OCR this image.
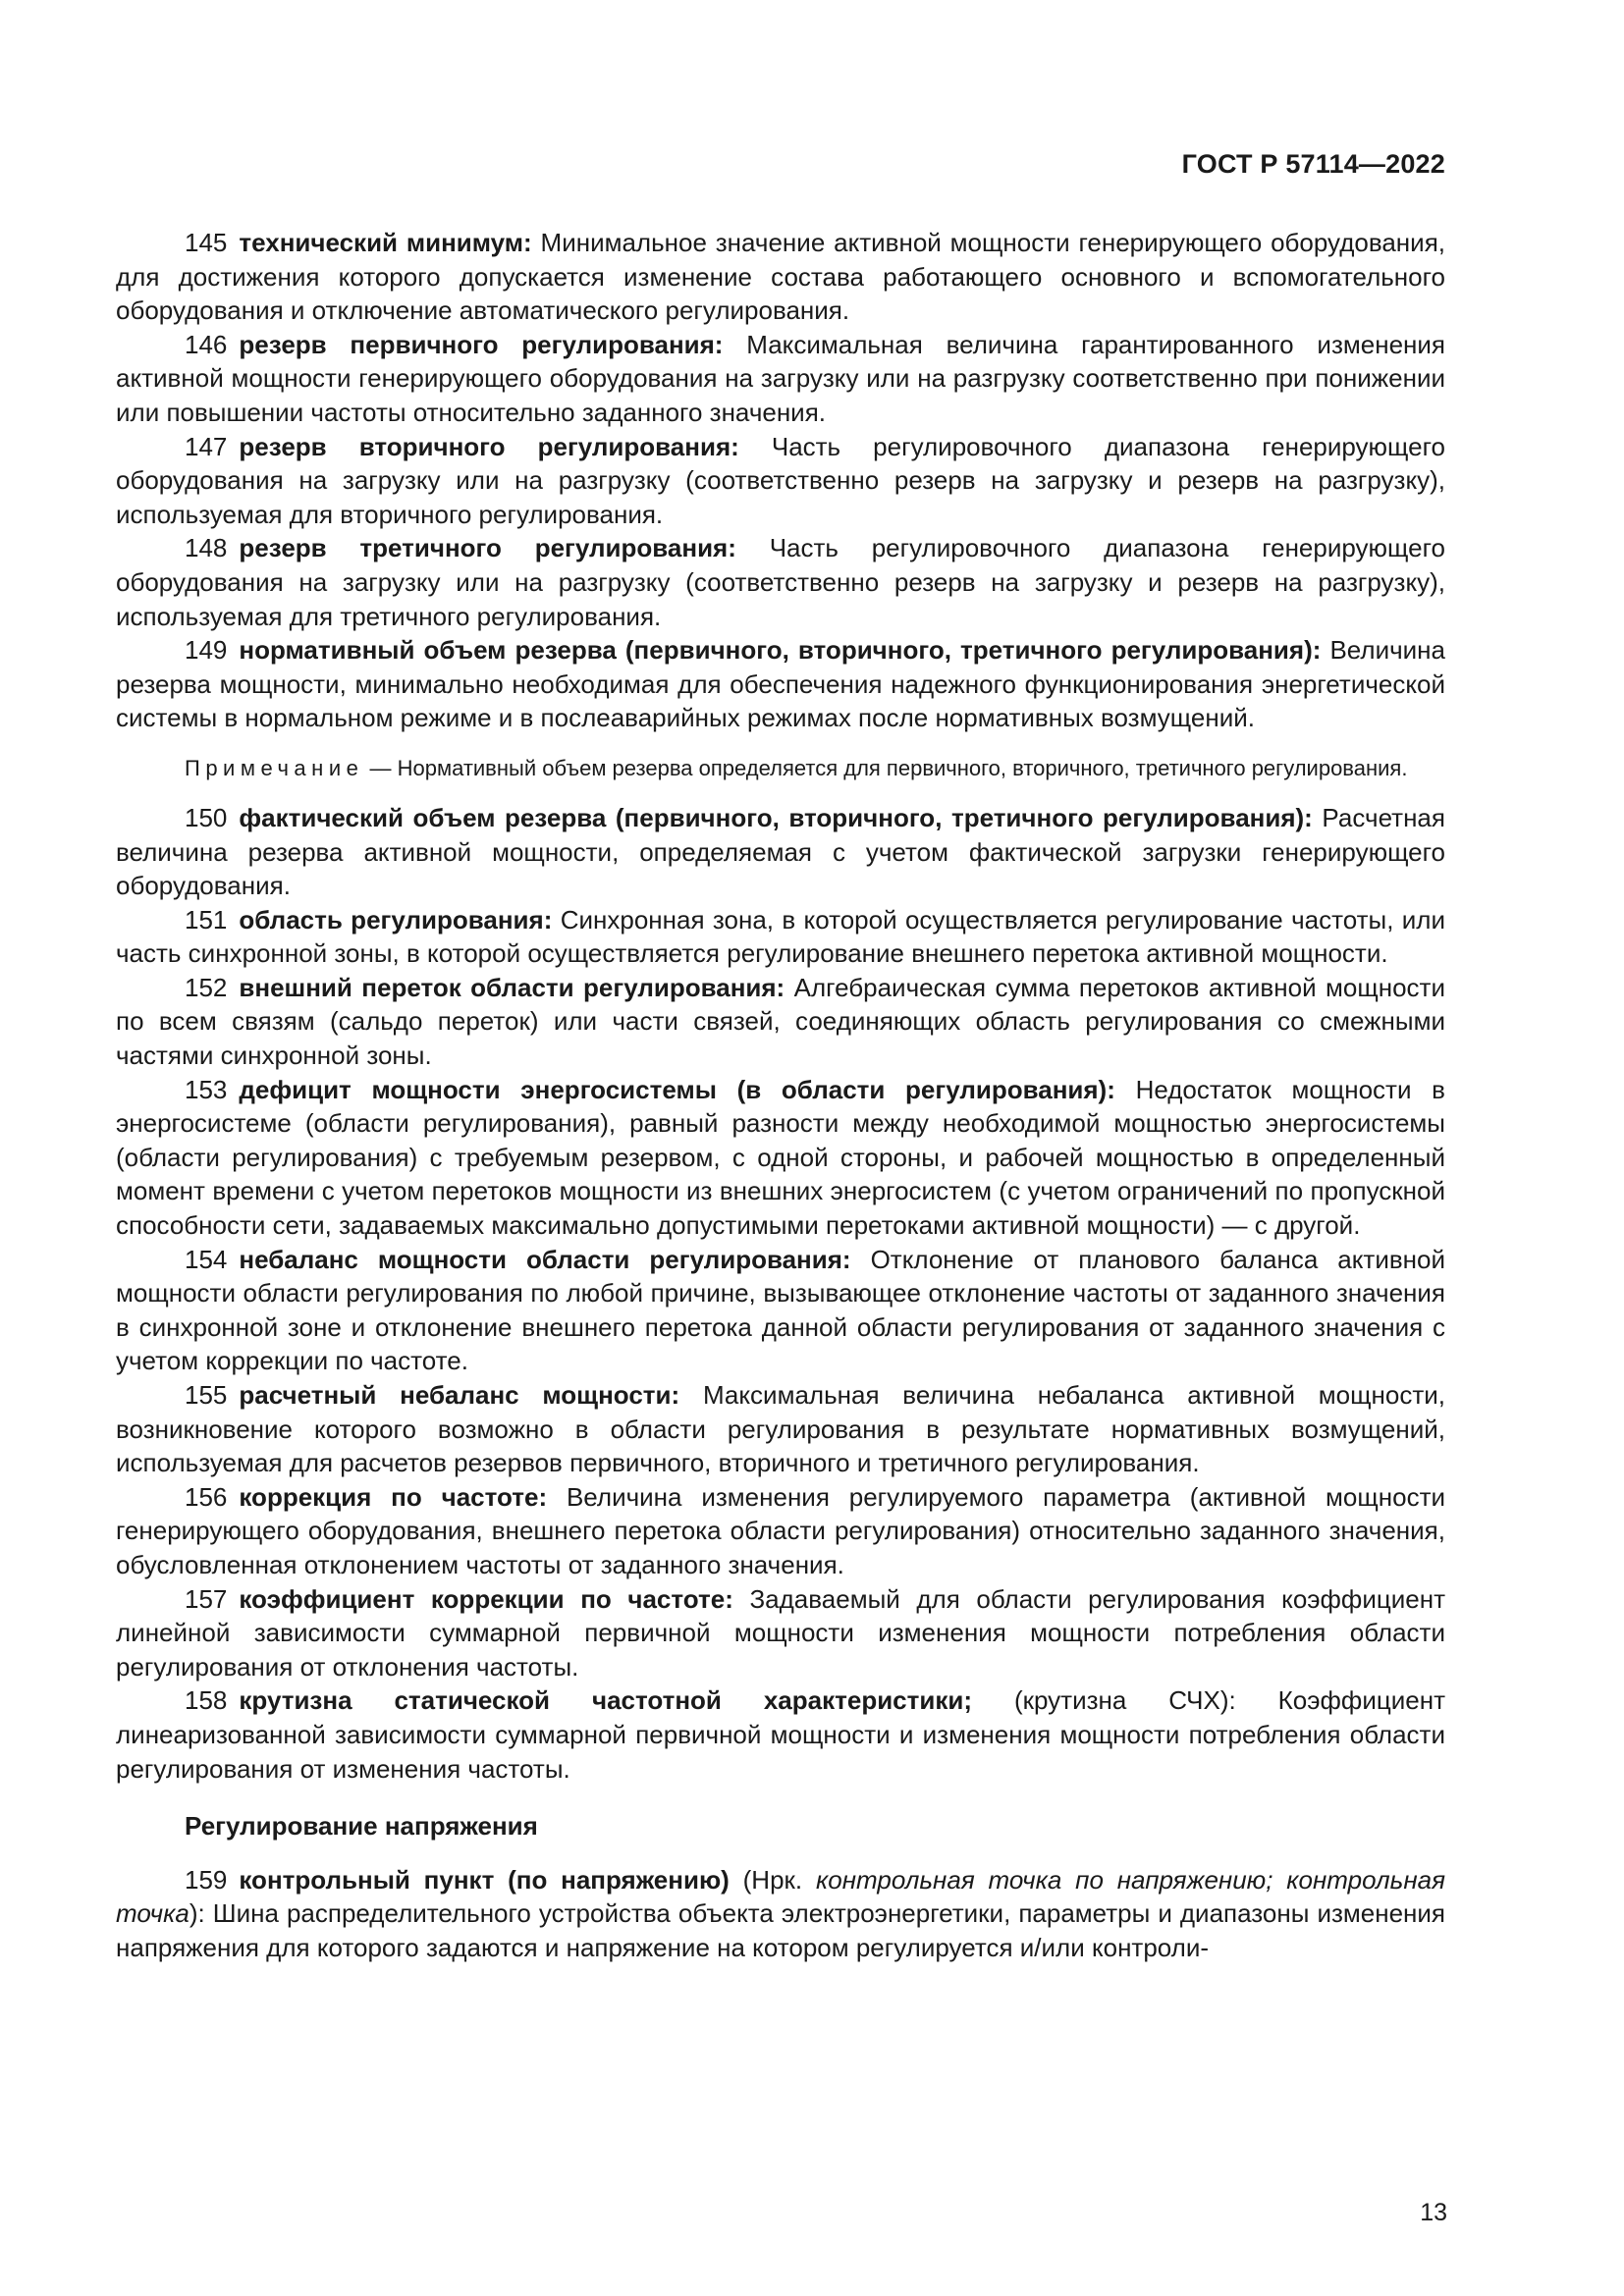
ГОСТ Р 57114—2022

145 технический минимум: Минимальное значение активной мощности генерирующего оборудования, для достижения которого допускается изменение состава работающего основного и вспомогательного оборудования и отключение автоматического регулирования.

146 резерв первичного регулирования: Максимальная величина гарантированного изменения активной мощности генерирующего оборудования на загрузку или на разгрузку соответственно при понижении или повышении частоты относительно заданного значения.

147 резерв вторичного регулирования: Часть регулировочного диапазона генерирующего оборудования на загрузку или на разгрузку (соответственно резерв на загрузку и резерв на разгрузку), используемая для вторичного регулирования.

148 резерв третичного регулирования: Часть регулировочного диапазона генерирующего оборудования на загрузку или на разгрузку (соответственно резерв на загрузку и резерв на разгрузку), используемая для третичного регулирования.

149 нормативный объем резерва (первичного, вторичного, третичного регулирования): Величина резерва мощности, минимально необходимая для обеспечения надежного функционирования энергетической системы в нормальном режиме и в послеаварийных режимах после нормативных возмущений.

Примечание — Нормативный объем резерва определяется для первичного, вторичного, третичного регулирования.

150 фактический объем резерва (первичного, вторичного, третичного регулирования): Расчетная величина резерва активной мощности, определяемая с учетом фактической загрузки генерирующего оборудования.

151 область регулирования: Синхронная зона, в которой осуществляется регулирование частоты, или часть синхронной зоны, в которой осуществляется регулирование внешнего перетока активной мощности.

152 внешний переток области регулирования: Алгебраическая сумма перетоков активной мощности по всем связям (сальдо переток) или части связей, соединяющих область регулирования со смежными частями синхронной зоны.

153 дефицит мощности энергосистемы (в области регулирования): Недостаток мощности в энергосистеме (области регулирования), равный разности между необходимой мощностью энергосистемы (области регулирования) с требуемым резервом, с одной стороны, и рабочей мощностью в определенный момент времени с учетом перетоков мощности из внешних энергосистем (с учетом ограничений по пропускной способности сети, задаваемых максимально допустимыми перетоками активной мощности) — с другой.

154 небаланс мощности области регулирования: Отклонение от планового баланса активной мощности области регулирования по любой причине, вызывающее отклонение частоты от заданного значения в синхронной зоне и отклонение внешнего перетока данной области регулирования от заданного значения с учетом коррекции по частоте.

155 расчетный небаланс мощности: Максимальная величина небаланса активной мощности, возникновение которого возможно в области регулирования в результате нормативных возмущений, используемая для расчетов резервов первичного, вторичного и третичного регулирования.

156 коррекция по частоте: Величина изменения регулируемого параметра (активной мощности генерирующего оборудования, внешнего перетока области регулирования) относительно заданного значения, обусловленная отклонением частоты от заданного значения.

157 коэффициент коррекции по частоте: Задаваемый для области регулирования коэффициент линейной зависимости суммарной первичной мощности изменения мощности потребления области регулирования от отклонения частоты.

158 крутизна статической частотной характеристики; (крутизна СЧХ): Коэффициент линеаризованной зависимости суммарной первичной мощности и изменения мощности потребления области регулирования от изменения частоты.

Регулирование напряжения

159 контрольный пункт (по напряжению) (Нрк. контрольная точка по напряжению; контрольная точка): Шина распределительного устройства объекта электроэнергетики, параметры и диапазоны изменения напряжения для которого задаются и напряжение на котором регулируется и/или контроли-

13
